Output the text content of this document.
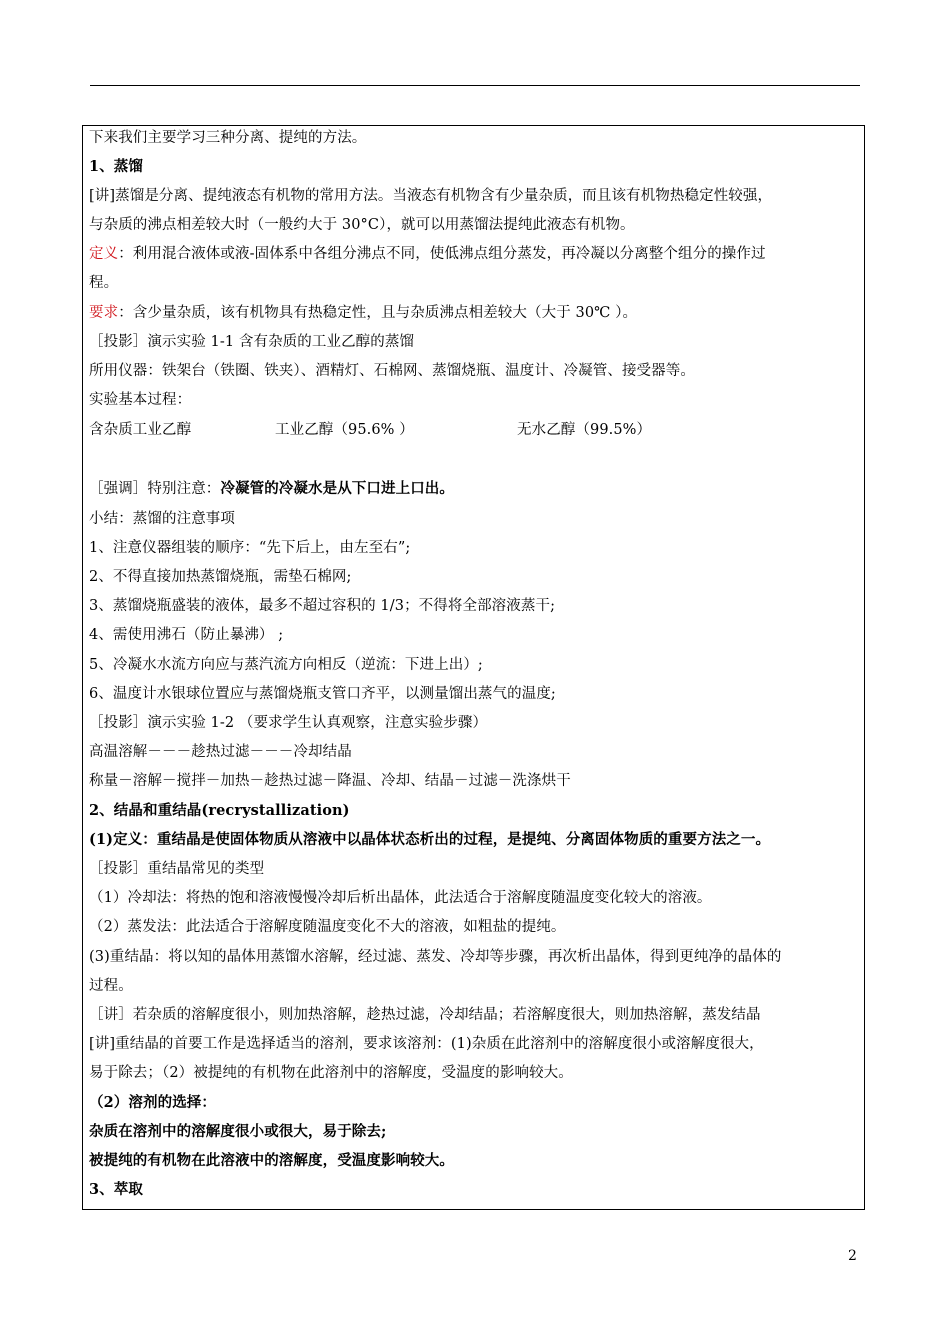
下来我们主要学习三种分离、提纯的方法。
1、蒸馏
[讲]蒸馏是分离、提纯液态有机物的常用方法。当液态有机物含有少量杂质，而且该有机物热稳定性较强，
与杂质的沸点相差较大时（一般约大于 30°C），就可以用蒸馏法提纯此液态有机物。
定义：利用混合液体或液-固体系中各组分沸点不同，使低沸点组分蒸发，再冷凝以分离整个组分的操作过
程。
要求：含少量杂质，该有机物具有热稳定性，且与杂质沸点相差较大（大于 30℃ ）。
［投影］演示实验 1-1 含有杂质的工业乙醇的蒸馏
所用仪器：铁架台（铁圈、铁夹）、酒精灯、石棉网、蒸馏烧瓶、温度计、冷凝管、接受器等。
实验基本过程：
含杂质工业乙醇	工业乙醇（95.6% ）	无水乙醇（99.5%）
［强调］特别注意：冷凝管的冷凝水是从下口进上口出。
小结：蒸馏的注意事项
1、注意仪器组装的顺序：“先下后上，由左至右”;
2、不得直接加热蒸馏烧瓶，需垫石棉网;
3、蒸馏烧瓶盛装的液体，最多不超过容积的 1/3；不得将全部溶液蒸干;
4、需使用沸石（防止暴沸） ;
5、冷凝水水流方向应与蒸汽流方向相反（逆流：下进上出）;
6、温度计水银球位置应与蒸馏烧瓶支管口齐平，以测量馏出蒸气的温度;
［投影］演示实验 1-2 （要求学生认真观察，注意实验步骤）
高温溶解－－－趁热过滤－－－冷却结晶
称量－溶解－搅拌－加热－趁热过滤－降温、冷却、结晶－过滤－洗涤烘干
2、结晶和重结晶(recrystallization)
(1)定义：重结晶是使固体物质从溶液中以晶体状态析出的过程，是提纯、分离固体物质的重要方法之一。
［投影］重结晶常见的类型
（1）冷却法：将热的饱和溶液慢慢冷却后析出晶体，此法适合于溶解度随温度变化较大的溶液。
（2）蒸发法：此法适合于溶解度随温度变化不大的溶液，如粗盐的提纯。
(3)重结晶：将以知的晶体用蒸馏水溶解，经过滤、蒸发、冷却等步骤，再次析出晶体，得到更纯净的晶体的
过程。
［讲］若杂质的溶解度很小，则加热溶解，趁热过滤，冷却结晶；若溶解度很大，则加热溶解，蒸发结晶
[讲]重结晶的首要工作是选择适当的溶剂，要求该溶剂：(1)杂质在此溶剂中的溶解度很小或溶解度很大，
易于除去；（2）被提纯的有机物在此溶剂中的溶解度，受温度的影响较大。
（2）溶剂的选择：
杂质在溶剂中的溶解度很小或很大，易于除去;
被提纯的有机物在此溶液中的溶解度，受温度影响较大。
3、萃取
2
